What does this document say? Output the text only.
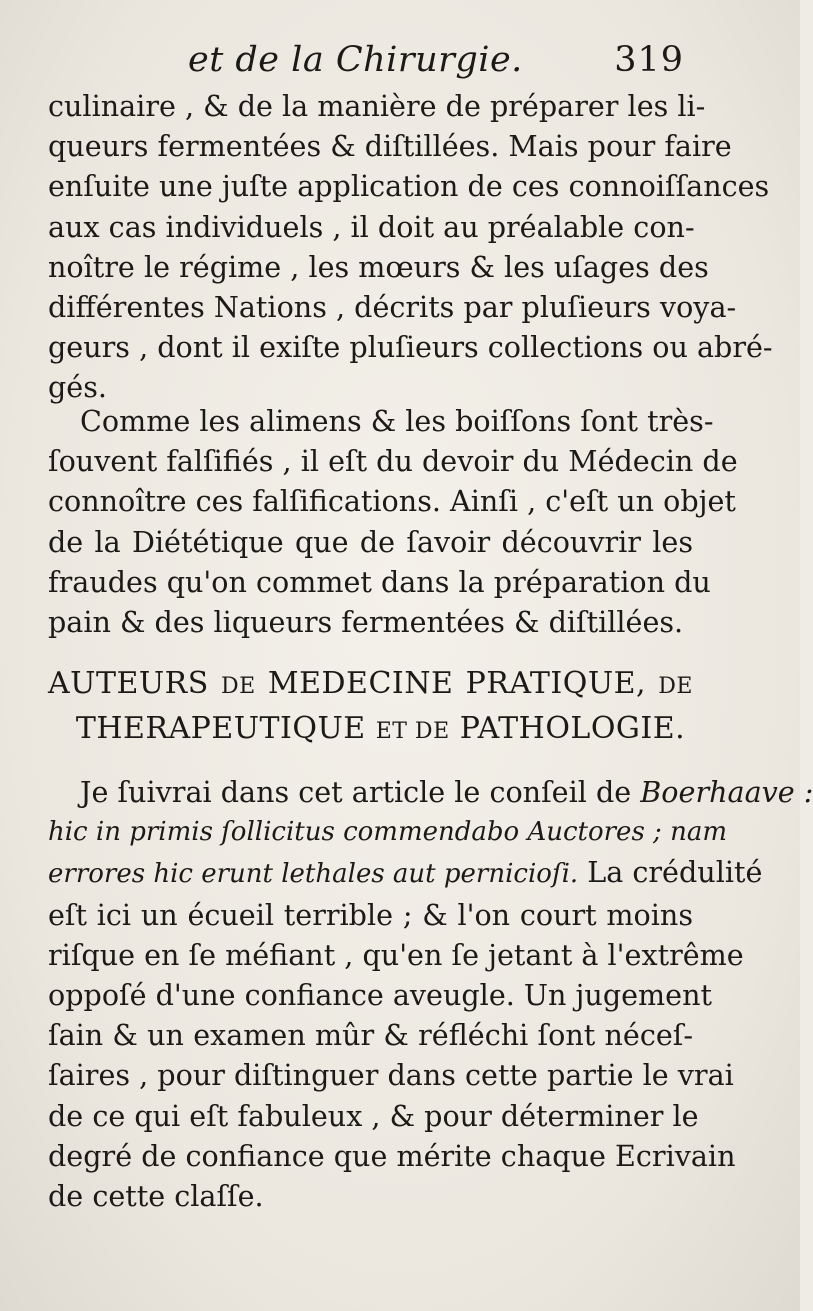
et de la Chirurgie.	319
culinaire , & de la manière de préparer les li-
queurs fermentées & diſtillées. Mais pour faire
enſuite une juſte application de ces connoiſſances
aux cas individuels , il doit au préalable con-
noître le régime , les mœurs & les uſages des
différentes Nations , décrits par pluſieurs voya-
geurs , dont il exiſte pluſieurs collections ou abré-
gés.
Comme les alimens & les boiſſons ſont très-
ſouvent falſifiés , il eſt du devoir du Médecin de
connoître ces falſifications. Ainſi , c'eſt un objet
de la Diététique que de ſavoir découvrir les
fraudes qu'on commet dans la préparation du
pain & des liqueurs fermentées & diſtillées.
AUTEURS DE MEDECINE PRATIQUE, DE
THERAPEUTIQUE ET DE PATHOLOGIE.
Je ſuivrai dans cet article le conſeil de Boerhaave :
hic in primis ſollicitus commendabo Auctores ; nam
errores hic erunt lethales aut pernicioſi. La crédulité
eſt ici un écueil terrible ; & l'on court moins
riſque en ſe méfiant , qu'en ſe jetant à l'extrême
oppoſé d'une confiance aveugle. Un jugement
ſain & un examen mûr & réfléchi ſont néceſ-
ſaires , pour diſtinguer dans cette partie le vrai
de ce qui eſt fabuleux , & pour déterminer le
degré de confiance que mérite chaque Ecrivain
de cette claſſe.
